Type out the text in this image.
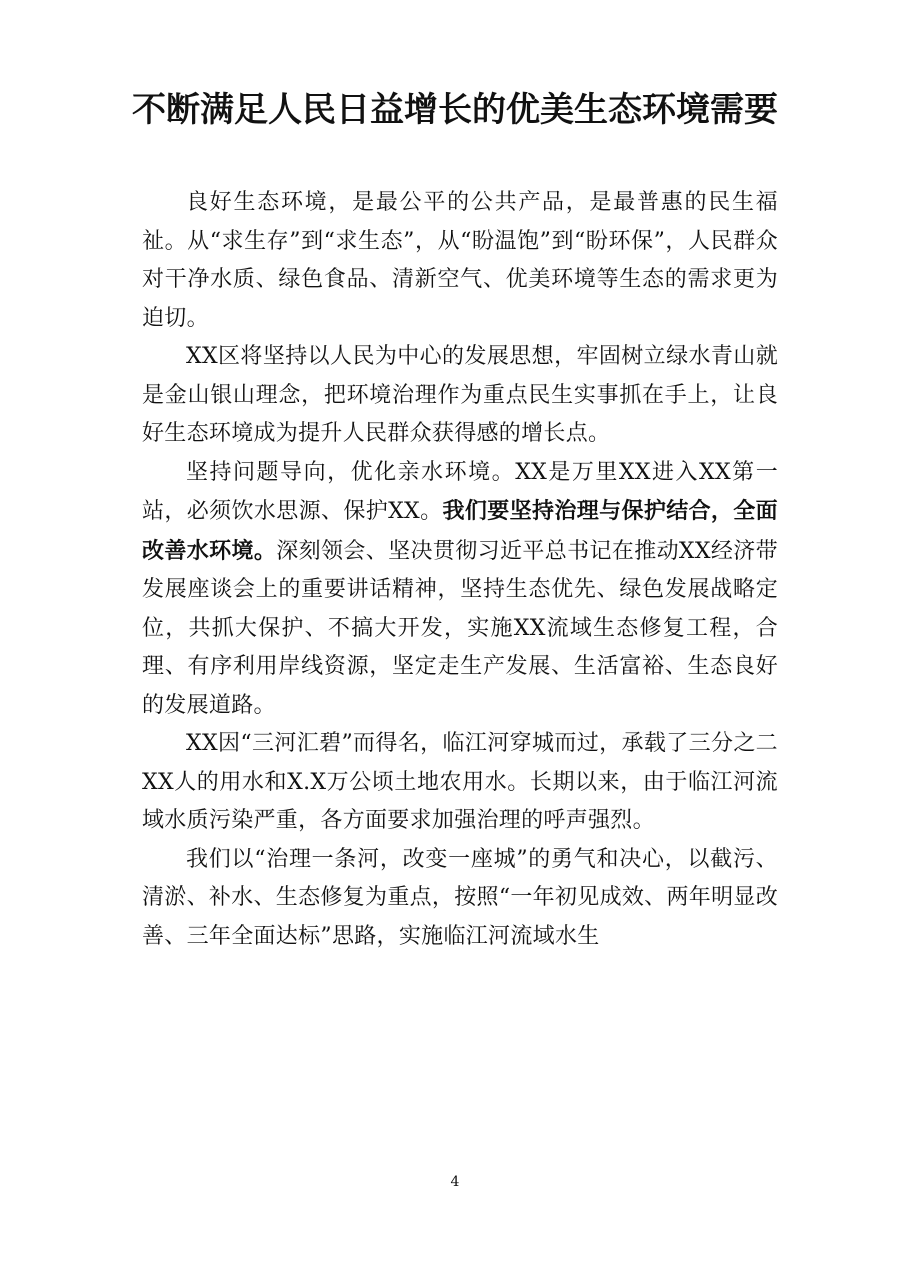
不断满足人民日益增长的优美生态环境需要

良好生态环境，是最公平的公共产品，是最普惠的民生福祉。从“求生存”到“求生态”，从“盼温饱”到“盼环保”，人民群众对干净水质、绿色食品、清新空气、优美环境等生态的需求更为迫切。

XX区将坚持以人民为中心的发展思想，牢固树立绿水青山就是金山银山理念，把环境治理作为重点民生实事抓在手上，让良好生态环境成为提升人民群众获得感的增长点。

坚持问题导向，优化亲水环境。XX是万里XX进入XX第一站，必须饮水思源、保护XX。我们要坚持治理与保护结合，全面改善水环境。深刻领会、坚决贯彻习近平总书记在推动XX经济带发展座谈会上的重要讲话精神，坚持生态优先、绿色发展战略定位，共抓大保护、不搞大开发，实施XX流域生态修复工程，合理、有序利用岸线资源，坚定走生产发展、生活富裕、生态良好的发展道路。

XX因“三河汇碧”而得名，临江河穿城而过，承载了三分之二XX人的用水和X.X万公顷土地农用水。长期以来，由于临江河流域水质污染严重，各方面要求加强治理的呼声强烈。

我们以“治理一条河，改变一座城”的勇气和决心，以截污、清淤、补水、生态修复为重点，按照“一年初见成效、两年明显改善、三年全面达标”思路，实施临江河流域水生

4
